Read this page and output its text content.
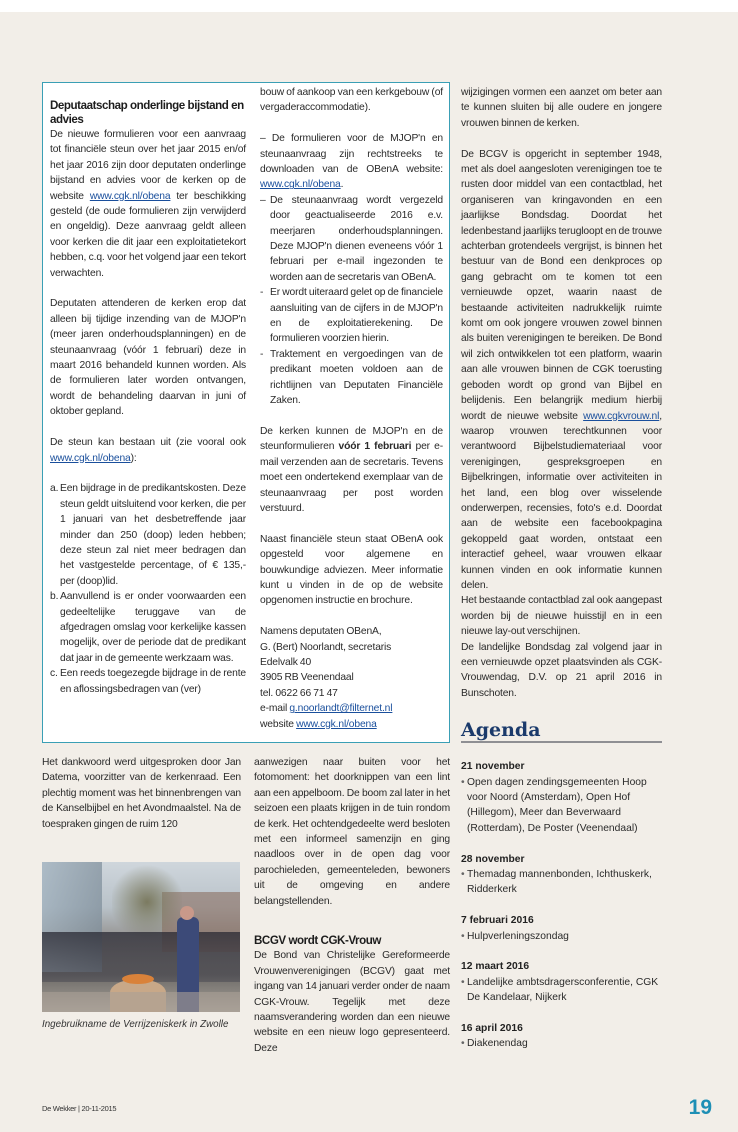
Deputaatschap onderlinge bijstand en advies

De nieuwe formulieren voor een aanvraag tot financiële steun over het jaar 2015 en/of het jaar 2016 zijn door deputaten onderlinge bijstand en advies voor de kerken op de website www.cgk.nl/obena ter beschikking gesteld (de oude formulieren zijn verwijderd en ongeldig). Deze aanvraag geldt alleen voor kerken die dit jaar een exploitatietekort hebben, c.q. voor het volgend jaar een tekort verwachten.

Deputaten attenderen de kerken erop dat alleen bij tijdige inzending van de MJOP'n (meer jaren onderhoudsplanningen) en de steunaanvraag (vóór 1 februari) deze in maart 2016 behandeld kunnen worden. Als de formulieren later worden ontvangen, wordt de behandeling daarvan in juni of oktober gepland.

De steun kan bestaan uit (zie vooral ook www.cgk.nl/obena):

a. Een bijdrage in de predikantskosten. Deze steun geldt uitsluitend voor kerken, die per 1 januari van het desbetreffende jaar minder dan 250 (doop) leden hebben; deze steun zal niet meer bedragen dan het vastgestelde percentage, of € 135,- per (doop)lid.
b. Aanvullend is er onder voorwaarden een gedeeltelijke teruggave van de afgedragen omslag voor kerkelijke kassen mogelijk, over de periode dat de predikant dat jaar in de gemeente werkzaam was.
c. Een reeds toegezegde bijdrage in de rente en aflossingsbedragen van (ver)

bouw of aankoop van een kerkgebouw (of vergaderaccommodatie).

– De formulieren voor de MJOP'n en steunaanvraag zijn rechtstreeks te downloaden van de OBenA website: www.cgk.nl/obena.

– De steunaanvraag wordt vergezeld door geactualiseerde 2016 e.v. meerjaren onderhoudsplanningen. Deze MJOP'n dienen eveneens vóór 1 februari per e-mail ingezonden te worden aan de secretaris van OBenA.
- Er wordt uiteraard gelet op de financiele aansluiting van de cijfers in de MJOP'n en de exploitatierekening. De formulieren voorzien hierin.
- Traktement en vergoedingen van de predikant moeten voldoen aan de richtlijnen van Deputaten Financiële Zaken.

De kerken kunnen de MJOP'n en de steunformulieren vóór 1 februari per e-mail verzenden aan de secretaris. Tevens moet een ondertekend exemplaar van de steunaanvraag per post worden verstuurd.

Naast financiële steun staat OBenA ook opgesteld voor algemene en bouwkundige adviezen. Meer informatie kunt u vinden in de op de website opgenomen instructie en brochure.

Namens deputaten OBenA,
G. (Bert) Noorlandt, secretaris
Edelvalk 40
3905 RB Veenendaal
tel. 0622 66 71 47
e-mail g.noorlandt@filternet.nl
website www.cgk.nl/obena

wijzigingen vormen een aanzet om beter aan te kunnen sluiten bij alle oudere en jongere vrouwen binnen de kerken.

De BCGV is opgericht in september 1948, met als doel aangesloten verenigingen toe te rusten door middel van een contactblad, het organiseren van kringavonden en een jaarlijkse Bondsdag. Doordat het ledenbestand jaarlijks terugloopt en de trouwe achterban grotendeels vergrijst, is binnen het bestuur van de Bond een denkproces op gang gebracht om te komen tot een vernieuwde opzet, waarin naast de bestaande activiteiten nadrukkelijk ruimte komt om ook jongere vrouwen zowel binnen als buiten verenigingen te bereiken. De Bond wil zich ontwikkelen tot een platform, waarin aan alle vrouwen binnen de CGK toerusting geboden wordt op grond van Bijbel en belijdenis. Een belangrijk medium hierbij wordt de nieuwe website www.cgkvrouw.nl, waarop vrouwen terechtkunnen voor verantwoord Bijbelstudiemateriaal voor verenigingen, gespreksgroepen en Bijbelkringen, informatie over activiteiten in het land, een blog over wisselende onderwerpen, recensies, foto's e.d. Doordat aan de website een facebookpagina gekoppeld gaat worden, ontstaat een interactief geheel, waar vrouwen elkaar kunnen vinden en ook informatie kunnen delen.

Het bestaande contactblad zal ook aangepast worden bij de nieuwe huisstijl en in een nieuwe lay-out verschijnen.

De landelijke Bondsdag zal volgend jaar in een vernieuwde opzet plaatsvinden als CGK-Vrouwendag, D.V. op 21 april 2016 in Bunschoten.

Agenda
21 november
• Open dagen zendingsgemeenten Hoop voor Noord (Amsterdam), Open Hof (Hillegom), Meer dan Beverwaard (Rotterdam), De Poster (Veenendaal)
28 november
• Themadag mannenbonden, Ichthuskerk, Ridderkerk
7 februari 2016
• Hulpverleningszondag
12 maart 2016
• Landelijke ambtsdragersconferentie, CGK De Kandelaar, Nijkerk
16 april 2016
• Diakenendag

Het dankwoord werd uitgesproken door Jan Datema, voorzitter van de kerkenraad. Een plechtig moment was het binnenbrengen van de Kanselbijbel en het Avondmaalstel. Na de toespraken gingen de ruim 120

Ingebruikname de Verrijzeniskerk in Zwolle

aanwezigen naar buiten voor het fotomoment: het doorknippen van een lint aan een appelboom. De boom zal later in het seizoen een plaats krijgen in de tuin rondom de kerk. Het ochtendgedeelte werd besloten met een informeel samenzijn en ging naadloos over in de open dag voor parochieleden, gemeenteleden, bewoners uit de omgeving en andere belangstellenden.

BCGV wordt CGK-Vrouw

De Bond van Christelijke Gereformeerde Vrouwenverenigingen (BCGV) gaat met ingang van 14 januari verder onder de naam CGK-Vrouw. Tegelijk met deze naamsverandering worden dan een nieuwe website en een nieuw logo gepresenteerd. Deze

De Wekker | 20-11-2015	19
